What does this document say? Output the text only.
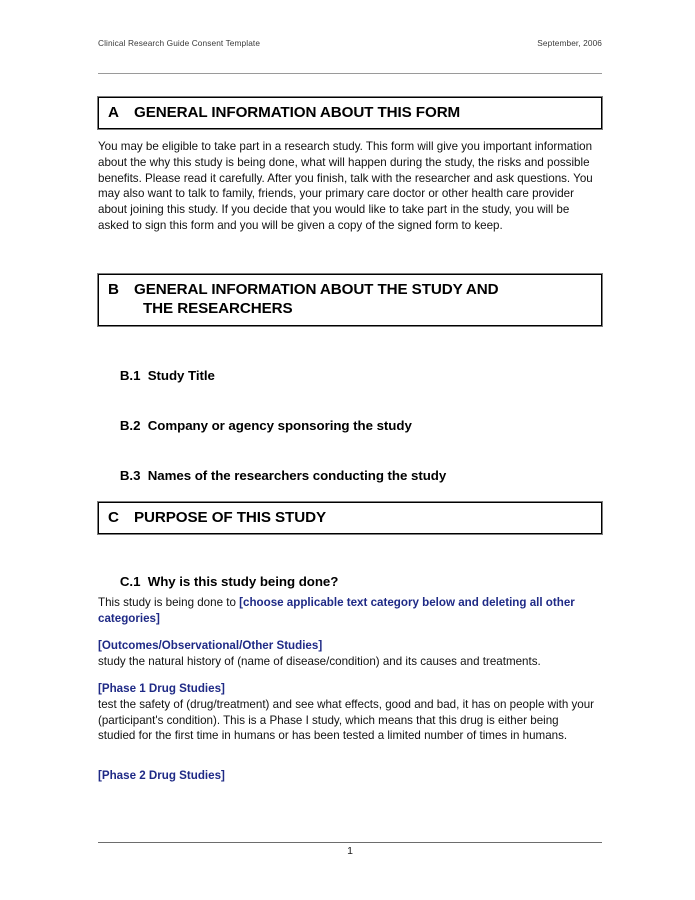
Clinical Research Guide Consent Template	September, 2006
A GENERAL INFORMATION ABOUT THIS FORM

You may be eligible to take part in a research study. This form will give you important information about the why this study is being done, what will happen during the study, the risks and possible benefits. Please read it carefully. After you finish, talk with the researcher and ask questions. You may also want to talk to family, friends, your primary care doctor or other health care provider about joining this study. If you decide that you would like to take part in the study, you will be asked to sign this form and you will be given a copy of the signed form to keep.

B GENERAL INFORMATION ABOUT THE STUDY AND
THE RESEARCHERS

B.1 Study Title

B.2 Company or agency sponsoring the study

B.3 Names of the researchers conducting the study

C PURPOSE OF THIS STUDY

C.1 Why is this study being done?

This study is being done to [choose applicable text category below and deleting all other categories]

[Outcomes/Observational/Other Studies]

study the natural history of (name of disease/condition) and its causes and treatments.

[Phase 1 Drug Studies]

test the safety of (drug/treatment) and see what effects, good and bad, it has on people with your (participant's condition). This is a Phase I study, which means that this drug is either being studied for the first time in humans or has been tested a limited number of times in humans.

[Phase 2 Drug Studies]

1
